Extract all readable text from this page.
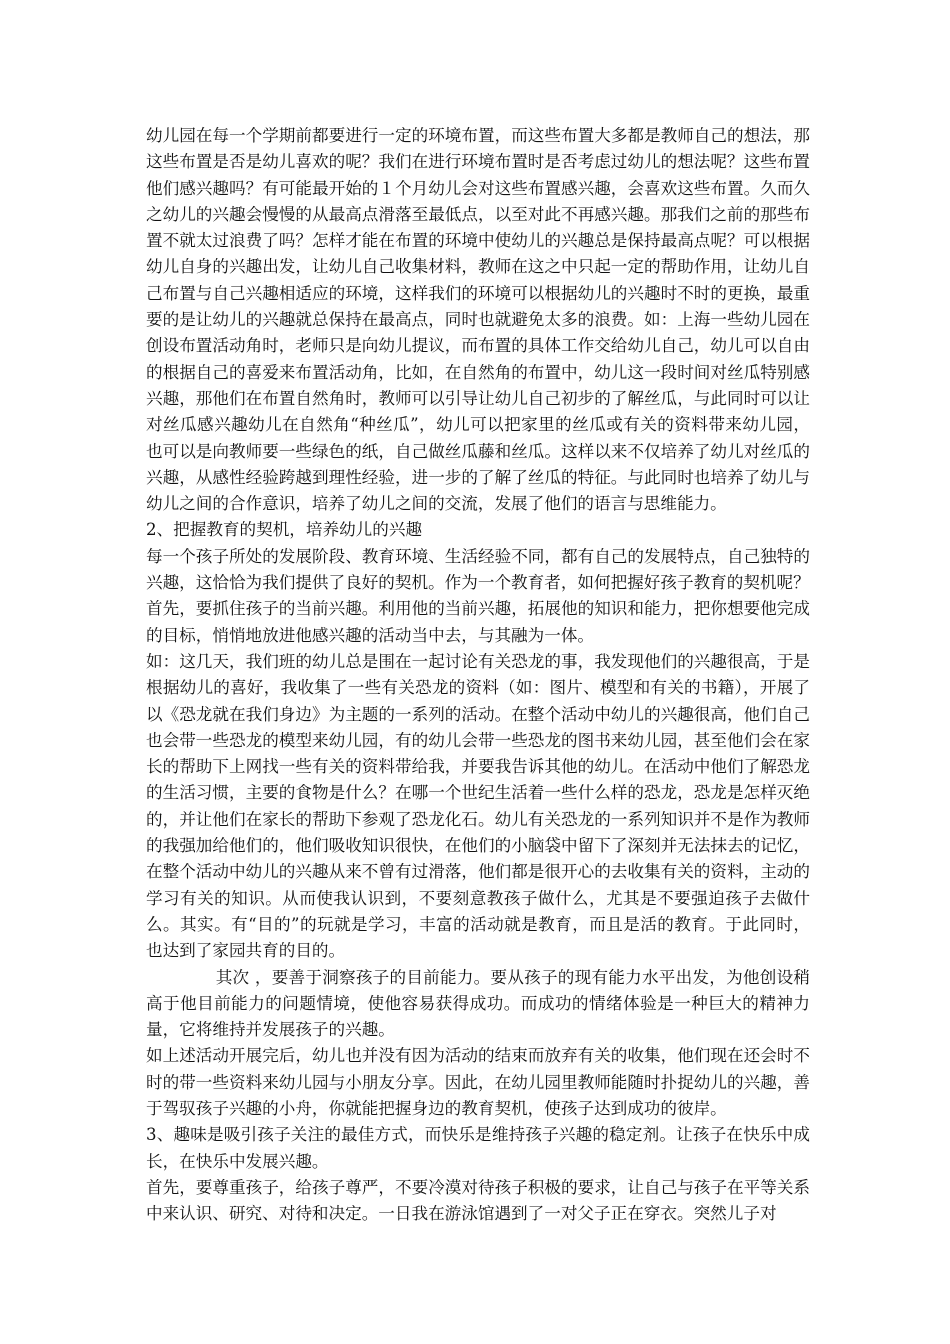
幼儿园在每一个学期前都要进行一定的环境布置，而这些布置大多都是教师自己的想法，那这些布置是否是幼儿喜欢的呢？我们在进行环境布置时是否考虑过幼儿的想法呢？这些布置他们感兴趣吗？有可能最开始的１个月幼儿会对这些布置感兴趣，会喜欢这些布置。久而久之幼儿的兴趣会慢慢的从最高点滑落至最低点，以至对此不再感兴趣。那我们之前的那些布置不就太过浪费了吗？怎样才能在布置的环境中使幼儿的兴趣总是保持最高点呢？可以根据幼儿自身的兴趣出发，让幼儿自己收集材料，教师在这之中只起一定的帮助作用，让幼儿自己布置与自己兴趣相适应的环境，这样我们的环境可以根据幼儿的兴趣时不时的更换，最重要的是让幼儿的兴趣就总保持在最高点，同时也就避免太多的浪费。如：上海一些幼儿园在创设布置活动角时，老师只是向幼儿提议，而布置的具体工作交给幼儿自己，幼儿可以自由的根据自己的喜爱来布置活动角，比如，在自然角的布置中，幼儿这一段时间对丝瓜特别感兴趣，那他们在布置自然角时，教师可以引导让幼儿自己初步的了解丝瓜，与此同时可以让对丝瓜感兴趣幼儿在自然角“种丝瓜”，幼儿可以把家里的丝瓜或有关的资料带来幼儿园，也可以是向教师要一些绿色的纸，自己做丝瓜藤和丝瓜。这样以来不仅培养了幼儿对丝瓜的兴趣，从感性经验跨越到理性经验，进一步的了解了丝瓜的特征。与此同时也培养了幼儿与幼儿之间的合作意识，培养了幼儿之间的交流，发展了他们的语言与思维能力。

2、把握教育的契机，培养幼儿的兴趣

每一个孩子所处的发展阶段、教育环境、生活经验不同，都有自己的发展特点，自己独特的兴趣，这恰恰为我们提供了良好的契机。作为一个教育者，如何把握好孩子教育的契机呢？

首先，要抓住孩子的当前兴趣。利用他的当前兴趣，拓展他的知识和能力，把你想要他完成的目标，悄悄地放进他感兴趣的活动当中去，与其融为一体。

如：这几天，我们班的幼儿总是围在一起讨论有关恐龙的事，我发现他们的兴趣很高，于是根据幼儿的喜好，我收集了一些有关恐龙的资料（如：图片、模型和有关的书籍），开展了以《恐龙就在我们身边》为主题的一系列的活动。在整个活动中幼儿的兴趣很高，他们自己也会带一些恐龙的模型来幼儿园，有的幼儿会带一些恐龙的图书来幼儿园，甚至他们会在家长的帮助下上网找一些有关的资料带给我，并要我告诉其他的幼儿。在活动中他们了解恐龙的生活习惯，主要的食物是什么？在哪一个世纪生活着一些什么样的恐龙，恐龙是怎样灭绝的，并让他们在家长的帮助下参观了恐龙化石。幼儿有关恐龙的一系列知识并不是作为教师的我强加给他们的，他们吸收知识很快，在他们的小脑袋中留下了深刻并无法抹去的记忆，在整个活动中幼儿的兴趣从来不曾有过滑落，他们都是很开心的去收集有关的资料，主动的学习有关的知识。从而使我认识到，不要刻意教孩子做什么，尤其是不要强迫孩子去做什么。其实。有“目的”的玩就是学习，丰富的活动就是教育，而且是活的教育。于此同时，也达到了家园共育的目的。

其次 ，要善于洞察孩子的目前能力。要从孩子的现有能力水平出发，为他创设稍高于他目前能力的问题情境，使他容易获得成功。而成功的情绪体验是一种巨大的精神力量，它将维持并发展孩子的兴趣。

如上述活动开展完后，幼儿也并没有因为活动的结束而放弃有关的收集，他们现在还会时不时的带一些资料来幼儿园与小朋友分享。因此，在幼儿园里教师能随时扑捉幼儿的兴趣，善于驾驭孩子兴趣的小舟，你就能把握身边的教育契机，使孩子达到成功的彼岸。

3、趣味是吸引孩子关注的最佳方式，而快乐是维持孩子兴趣的稳定剂。让孩子在快乐中成长，在快乐中发展兴趣。

首先，要尊重孩子，给孩子尊严，不要冷漠对待孩子积极的要求，让自己与孩子在平等关系中来认识、研究、对待和决定。一日我在游泳馆遇到了一对父子正在穿衣。突然儿子对
